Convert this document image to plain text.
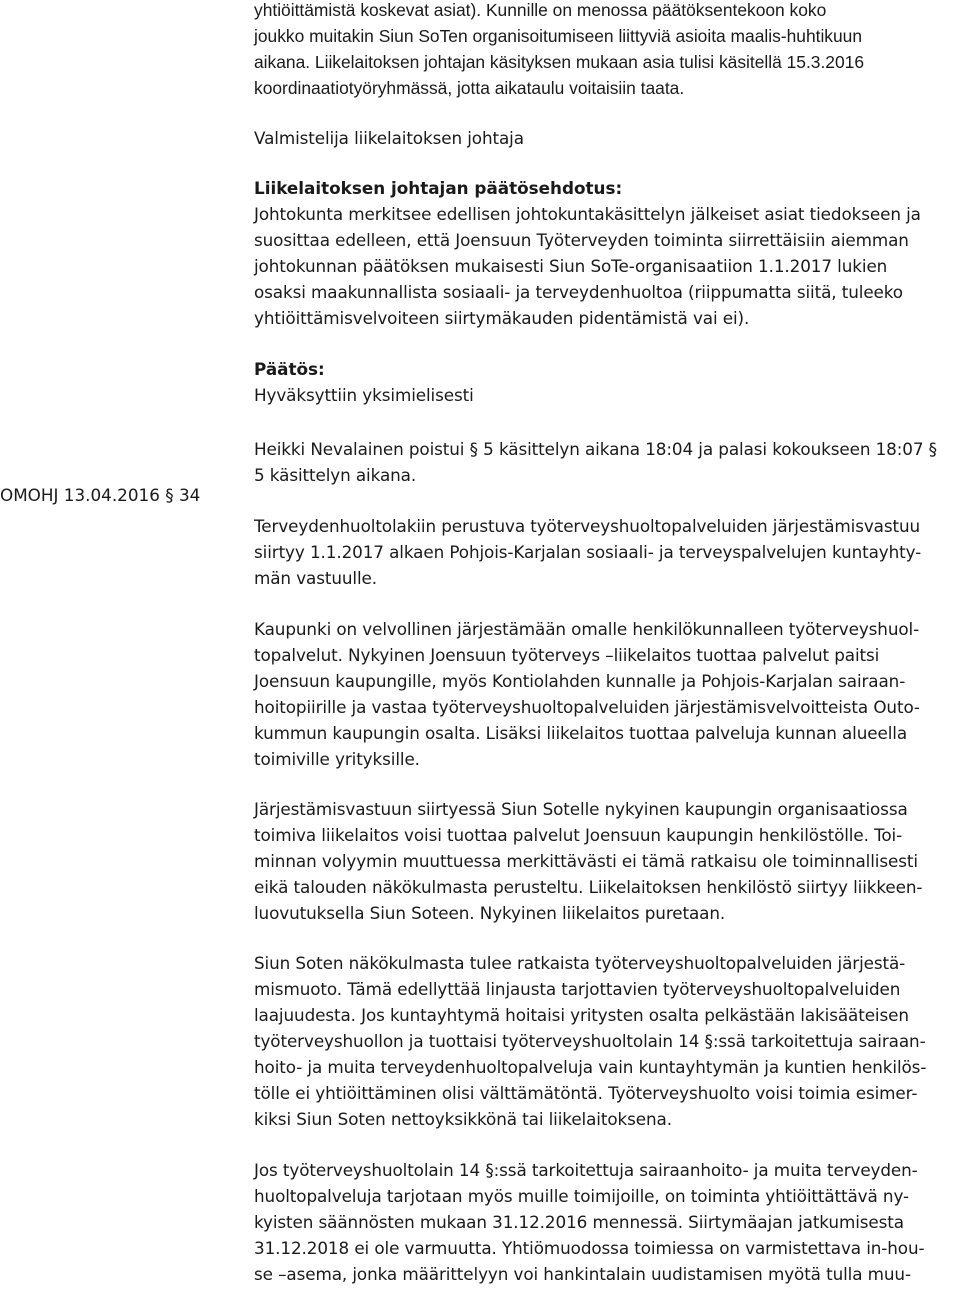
yhtiöittämistä koskevat asiat). Kunnille on menossa päätöksentekoon koko
joukko muitakin Siun SoTen organisoitumiseen liittyviä asioita maalis-huhtikuun
aikana. Liikelaitoksen johtajan käsityksen mukaan asia tulisi käsitellä 15.3.2016
koordinaatiotyöryhmässä, jotta aikataulu voitaisiin taata.

Valmistelija liikelaitoksen johtaja

Liikelaitoksen johtajan päätösehdotus:

Johtokunta merkitsee edellisen johtokuntakäsittelyn jälkeiset asiat tiedokseen ja
suosittaa edelleen, että Joensuun Työterveyden toiminta siirrettäisiin aiemman
johtokunnan päätöksen mukaisesti Siun SoTe-organisaatiion 1.1.2017 lukien
osaksi maakunnallista sosiaali- ja terveydenhuoltoa (riippumatta siitä, tuleeko
yhtiöittämisvelvoiteen siirtymäkauden pidentämistä vai ei).

Päätös:

Hyväksyttiin yksimielisesti

Heikki Nevalainen poistui § 5 käsittelyn aikana 18:04 ja palasi kokoukseen 18:07 §
5 käsittelyn aikana.

Terveydenhuoltolakiin perustuva työterveyshuoltopalveluiden järjestämisvastuu
siirtyy 1.1.2017 alkaen Pohjois-Karjalan sosiaali- ja terveyspalvelujen kuntayhty-
män vastuulle.

Kaupunki on velvollinen järjestämään omalle henkilökunnalleen työterveyshuol-
topalvelut. Nykyinen Joensuun työterveys –liikelaitos tuottaa palvelut paitsi
Joensuun kaupungille, myös Kontiolahden kunnalle ja Pohjois-Karjalan sairaan-
hoitopiirille ja vastaa työterveyshuoltopalveluiden järjestämisvelvoitteista Outo-
kummun kaupungin osalta. Lisäksi liikelaitos tuottaa palveluja kunnan alueella
toimiville yrityksille.

Järjestämisvastuun siirtyessä Siun Sotelle nykyinen kaupungin organisaatiossa
toimiva liikelaitos voisi tuottaa palvelut Joensuun kaupungin henkilöstölle. Toi-
minnan volyymin muuttuessa merkittävästi ei tämä ratkaisu ole toiminnallisesti
eikä talouden näkökulmasta perusteltu. Liikelaitoksen henkilöstö siirtyy liikkeen-
luovutuksella Siun Soteen. Nykyinen liikelaitos puretaan.

Siun Soten näkökulmasta tulee ratkaista työterveyshuoltopalveluiden järjestä-
mismuoto. Tämä edellyttää linjausta tarjottavien työterveyshuoltopalveluiden
laajuudesta. Jos kuntayhtymä hoitaisi yritysten osalta pelkästään lakisääteisen
työterveyshuollon ja tuottaisi työterveyshuoltolain 14 §:ssä tarkoitettuja sairaan-
hoito- ja muita terveydenhuoltopalveluja vain kuntayhtymän ja kuntien henkilös-
tölle ei yhtiöittäminen olisi välttämätöntä. Työterveyshuolto voisi toimia esimer-
kiksi Siun Soten nettoyksikkönä tai liikelaitoksena.

Jos työterveyshuoltolain 14 §:ssä tarkoitettuja sairaanhoito- ja muita terveyden-
huoltopalveluja tarjotaan myös muille toimijoille, on toiminta yhtiöittättävä ny-
kyisten säännösten mukaan 31.12.2016 mennessä. Siirtymäajan jatkumisesta
31.12.2018 ei ole varmuutta. Yhtiömuodossa toimiessa on varmistettava in-hou-
se –asema, jonka määrittelyyn voi hankintalain uudistamisen myötä tulla muu-

OMOHJ 13.04.2016 § 34
